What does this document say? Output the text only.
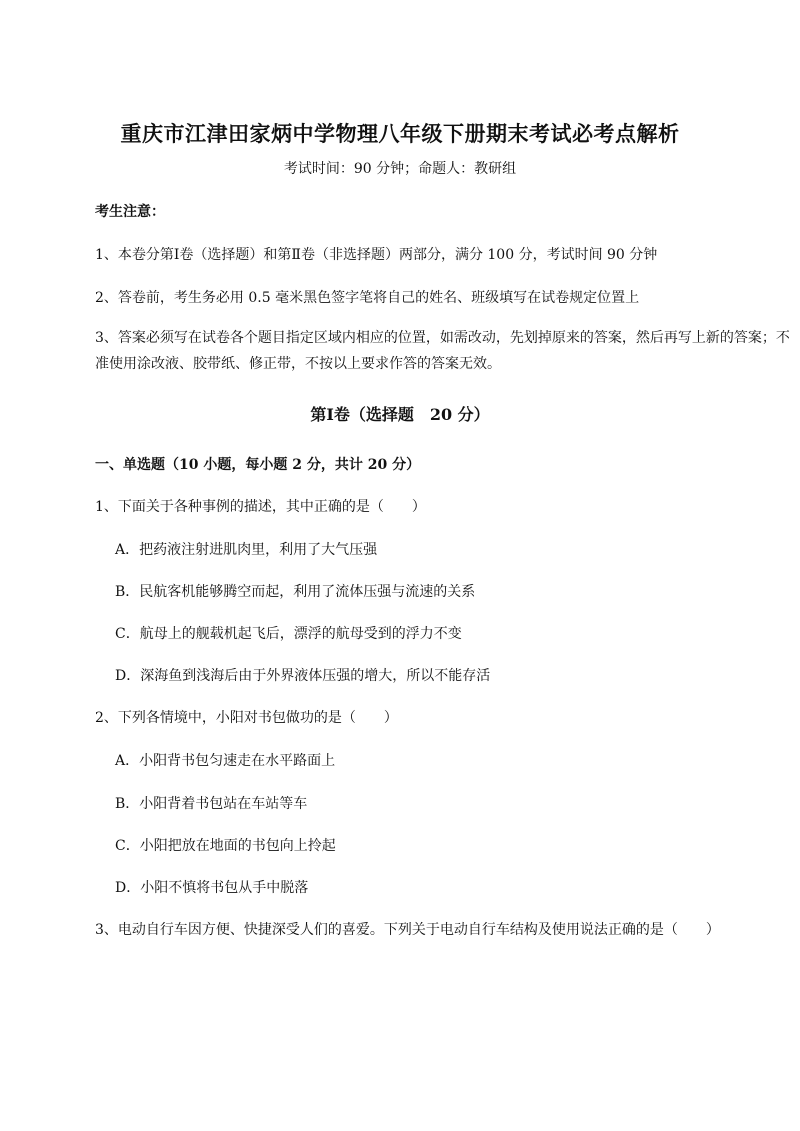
重庆市江津田家炳中学物理八年级下册期末考试必考点解析
考试时间：90 分钟；命题人：教研组
考生注意：
1、本卷分第Ⅰ卷（选择题）和第Ⅱ卷（非选择题）两部分，满分 100 分，考试时间 90 分钟
2、答卷前，考生务必用 0.5 毫米黑色签字笔将自己的姓名、班级填写在试卷规定位置上
3、答案必须写在试卷各个题目指定区域内相应的位置，如需改动，先划掉原来的答案，然后再写上新的答案；不准使用涂改液、胶带纸、修正带，不按以上要求作答的答案无效。
第Ⅰ卷（选择题　20 分）
一、单选题（10 小题，每小题 2 分，共计 20 分）
1、下面关于各种事例的描述，其中正确的是（　　）
A．把药液注射进肌肉里，利用了大气压强
B．民航客机能够腾空而起，利用了流体压强与流速的关系
C．航母上的舰载机起飞后，漂浮的航母受到的浮力不变
D．深海鱼到浅海后由于外界液体压强的增大，所以不能存活
2、下列各情境中，小阳对书包做功的是（　　）
A．小阳背书包匀速走在水平路面上
B．小阳背着书包站在车站等车
C．小阳把放在地面的书包向上拎起
D．小阳不慎将书包从手中脱落
3、电动自行车因方便、快捷深受人们的喜爱。下列关于电动自行车结构及使用说法正确的是（　　）
